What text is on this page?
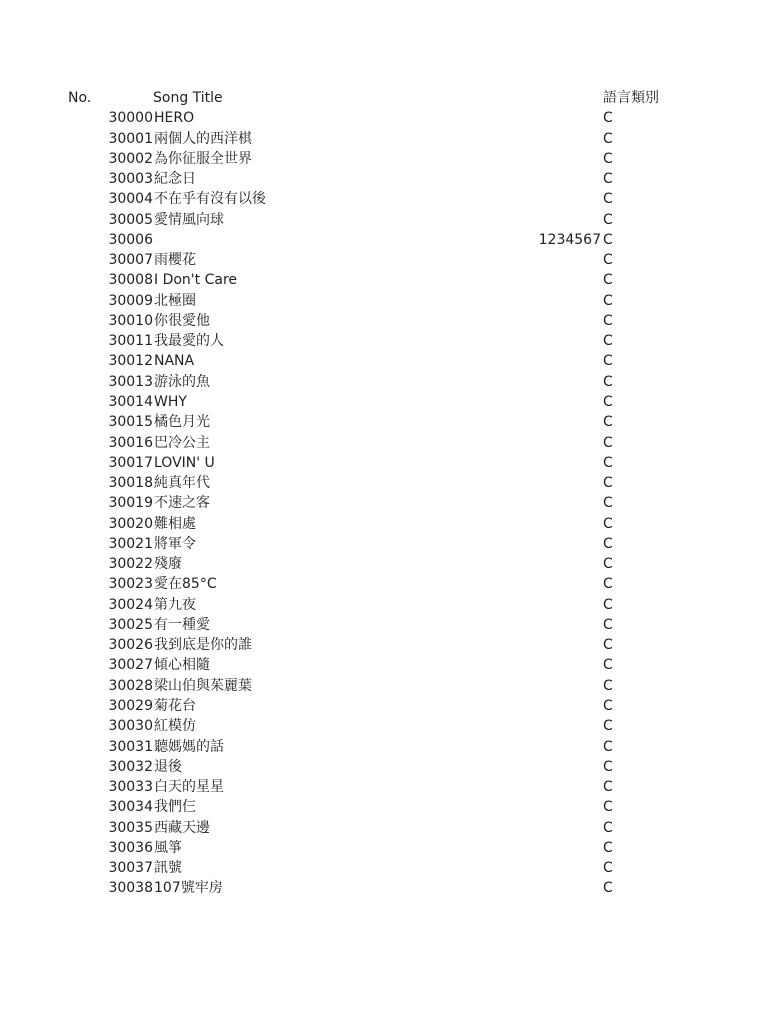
No.	Song Title	語言類別
30000 HERO	C
30001 兩個人的西洋棋	C
30002 為你征服全世界	C
30003 紀念日	C
30004 不在乎有沒有以後	C
30005 愛情風向球	C
30006	1234567 C
30007 雨櫻花	C
30008 I Don't Care	C
30009 北極圈	C
30010 你很愛他	C
30011 我最愛的人	C
30012 NANA	C
30013 游泳的魚	C
30014 WHY	C
30015 橘色月光	C
30016 巴冷公主	C
30017 LOVIN' U	C
30018 純真年代	C
30019 不速之客	C
30020 難相處	C
30021 將軍令	C
30022 殘廢	C
30023 愛在85°C	C
30024 第九夜	C
30025 有一種愛	C
30026 我到底是你的誰	C
30027 傾心相隨	C
30028 梁山伯與茱麗葉	C
30029 菊花台	C
30030 紅模仿	C
30031 聽媽媽的話	C
30032 退後	C
30033 白天的星星	C
30034 我們仨	C
30035 西藏天邊	C
30036 風箏	C
30037 訊號	C
30038 107號牢房	C
